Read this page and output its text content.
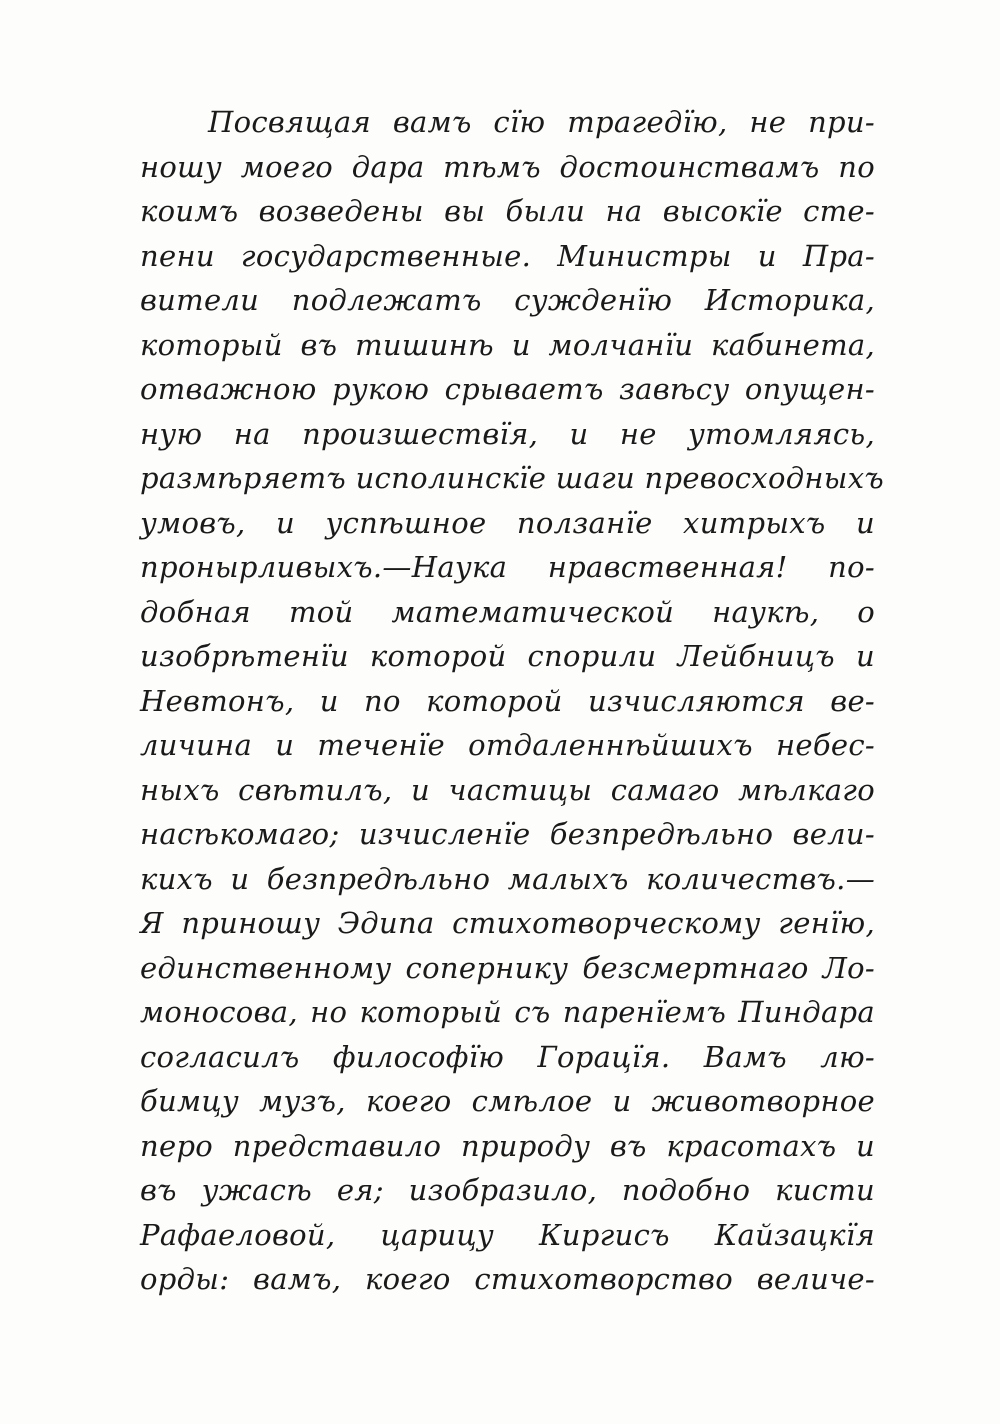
Посвящая вамъ сїю трагедїю, не при-
ношу моего дара тѣмъ достоинствамъ по
коимъ возведены вы были на высокїе сте-
пени государственные. Министры и Пра-
вители подлежатъ сужденїю Историка,
который въ тишинѣ и молчанїи кабинета,
отважною рукою срываетъ завѣсу опущен-
ную на произшествїя, и не утомляясь,
размѣряетъ исполинскїе шаги превосходныхъ
умовъ, и успѣшное ползанїе хитрыхъ и
пронырливыхъ.—Наука нравственная! по-
добная той математической наукѣ, о
изобрѣтенїи которой спорили Лейбницъ и
Невтонъ, и по которой изчисляются ве-
личина и теченїе отдаленнѣйшихъ небес-
ныхъ свѣтилъ, и частицы самаго мѣлкаго
насѣкомаго; изчисленїе безпредѣльно вели-
кихъ и безпредѣльно малыхъ количествъ.—
Я приношу Эдипа стихотворческому генїю,
единственному сопернику безсмертнаго Ло-
моносова, но который съ паренїемъ Пиндара
согласилъ философїю Горацїя. Вамъ лю-
бимцу музъ, коего смѣлое и животворное
перо представило природу въ красотахъ и
въ ужасѣ ея; изобразило, подобно кисти
Рафаеловой, царицу Киргисъ Кайзацкїя
орды: вамъ, коего стихотворство величе-
